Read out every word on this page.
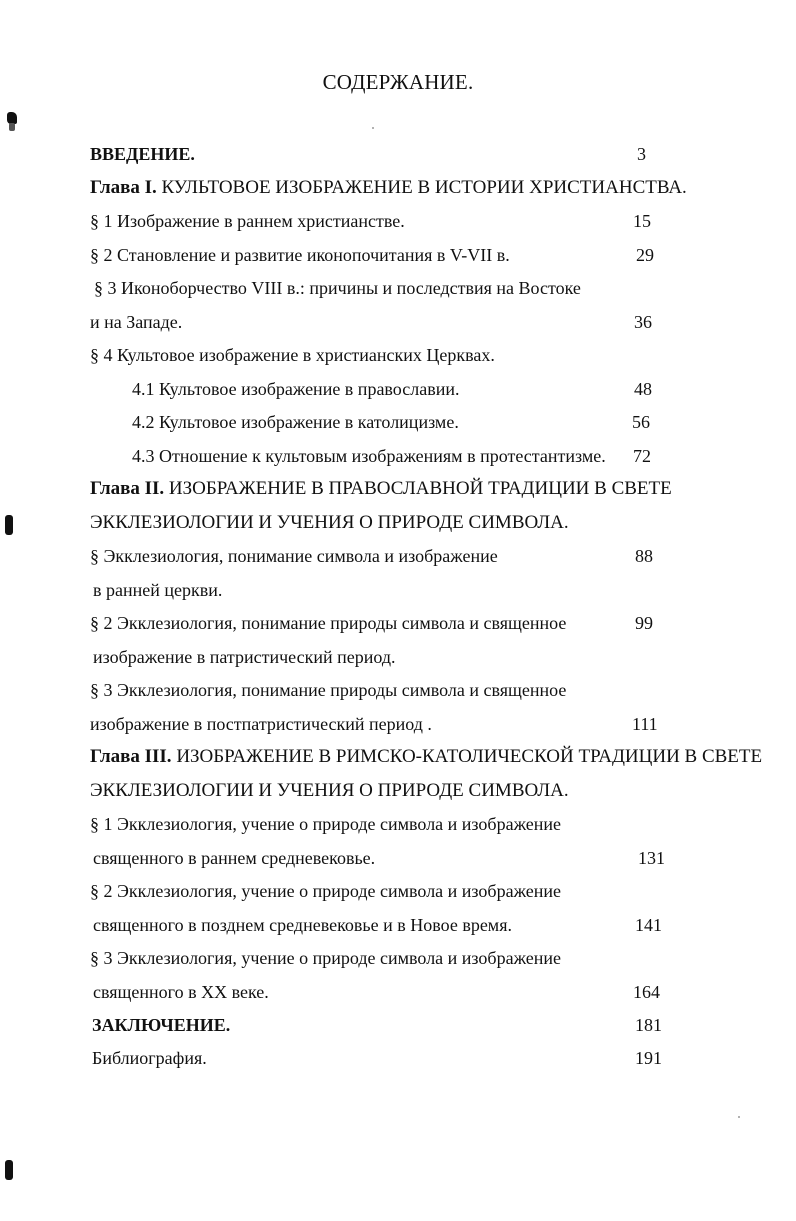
СОДЕРЖАНИЕ.
ВВЕДЕНИЕ.	3
Глава I. КУЛЬТОВОЕ ИЗОБРАЖЕНИЕ В ИСТОРИИ ХРИСТИАНСТВА.
§ 1 Изображение в раннем христианстве.	15
§ 2 Становление и развитие иконопочитания в V-VII в.	29
§ 3 Иконоборчество VIII в.: причины и последствия на Востоке
и на Западе.	36
§ 4 Культовое изображение в христианских Церквах.
4.1 Культовое изображение в православии.	48
4.2 Культовое изображение в католицизме.	56
4.3 Отношение к культовым изображениям в протестантизме. 72
Глава II. ИЗОБРАЖЕНИЕ В ПРАВОСЛАВНОЙ ТРАДИЦИИ В СВЕТЕ
ЭККЛЕЗИОЛОГИИ И УЧЕНИЯ О ПРИРОДЕ СИМВОЛА.
§ Экклезиология, понимание символа и изображение	88
в ранней церкви.
§ 2 Экклезиология, понимание природы символа и священное	99
изображение в патристический период.
§ 3 Экклезиология, понимание природы символа и священное
изображение в постпатристический период .	111
Глава III. ИЗОБРАЖЕНИЕ В РИМСКО-КАТОЛИЧЕСКОЙ ТРАДИЦИИ В СВЕТЕ
ЭККЛЕЗИОЛОГИИ И УЧЕНИЯ О ПРИРОДЕ СИМВОЛА.
§ 1 Экклезиология, учение о природе символа и изображение
священного в раннем средневековье.	131
§ 2 Экклезиология, учение о природе символа и изображение
священного в позднем средневековье и в Новое время.	141
§ 3 Экклезиология, учение о природе символа и изображение
священного в XX веке.	164
ЗАКЛЮЧЕНИЕ.	181
Библиография.	191
